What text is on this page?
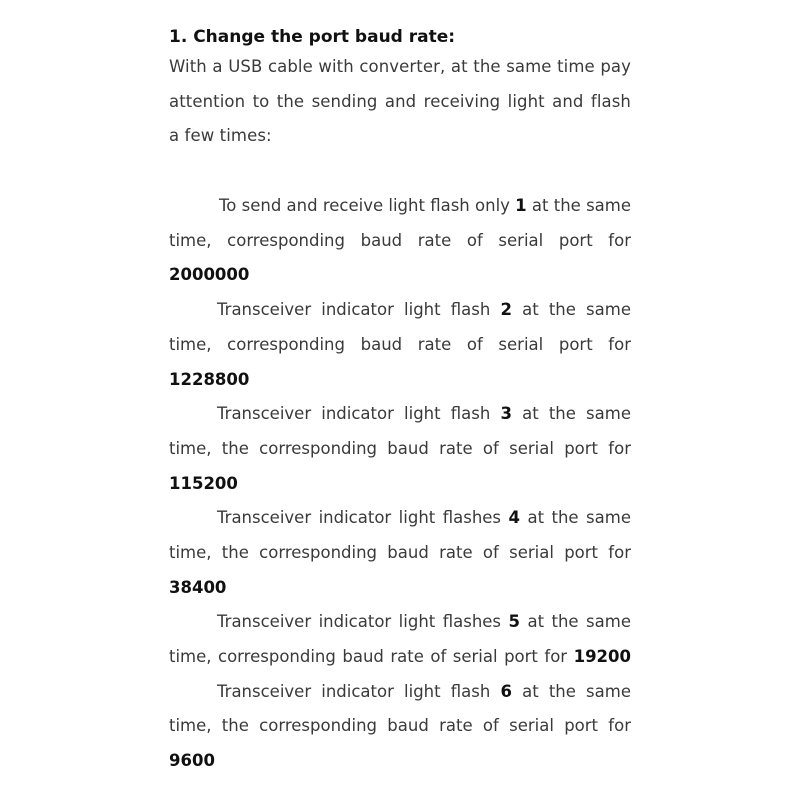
1. Change the port baud rate:

With a USB cable with converter, at the same time pay
attention to the sending and receiving light and flash
a few times:

To send and receive light flash only 1 at the same
time, corresponding baud rate of serial port for
2000000
Transceiver indicator light flash 2 at the same
time, corresponding baud rate of serial port for
1228800
Transceiver indicator light flash 3 at the same
time, the corresponding baud rate of serial port for
115200
Transceiver indicator light flashes 4 at the same
time, the corresponding baud rate of serial port for
38400
Transceiver indicator light flashes 5 at the same
time, corresponding baud rate of serial port for 19200
Transceiver indicator light flash 6 at the same
time, the corresponding baud rate of serial port for
9600
